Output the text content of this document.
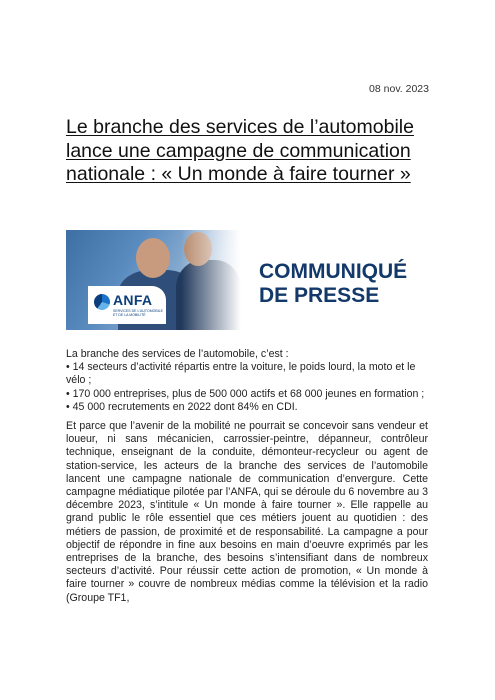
08 nov. 2023
Le branche des services de l’automobile lance une campagne de communication nationale : « Un monde à faire tourner »
ANFA
SERVICES DE L'AUTOMOBILE ET DE LA MOBILITÉ
COMMUNIQUÉ
DE PRESSE

La branche des services de l’automobile, c’est :
• 14 secteurs d’activité répartis entre la voiture, le poids lourd, la moto et le vélo ;
• 170 000 entreprises, plus de 500 000 actifs et 68 000 jeunes en formation ;
• 45 000 recrutements en 2022 dont 84% en CDI.

Et parce que l’avenir de la mobilité ne pourrait se concevoir sans vendeur et loueur, ni sans mécanicien, carrossier-peintre, dépanneur, contrôleur technique, enseignant de la conduite, démonteur-recycleur ou agent de station-service, les acteurs de la branche des services de l’automobile lancent une campagne nationale de communication d’envergure. Cette campagne médiatique pilotée par l’ANFA, qui se déroule du 6 novembre au 3 décembre 2023, s’intitule « Un monde à faire tourner ». Elle rappelle au grand public le rôle essentiel que ces métiers jouent au quotidien : des métiers de passion, de proximité et de responsabilité. La campagne a pour objectif de répondre in fine aux besoins en main d’oeuvre exprimés par les entreprises de la branche, des besoins s’intensifiant dans de nombreux secteurs d’activité. Pour réussir cette action de promotion, « Un monde à faire tourner » couvre de nombreux médias comme la télévision et la radio (Groupe TF1,
